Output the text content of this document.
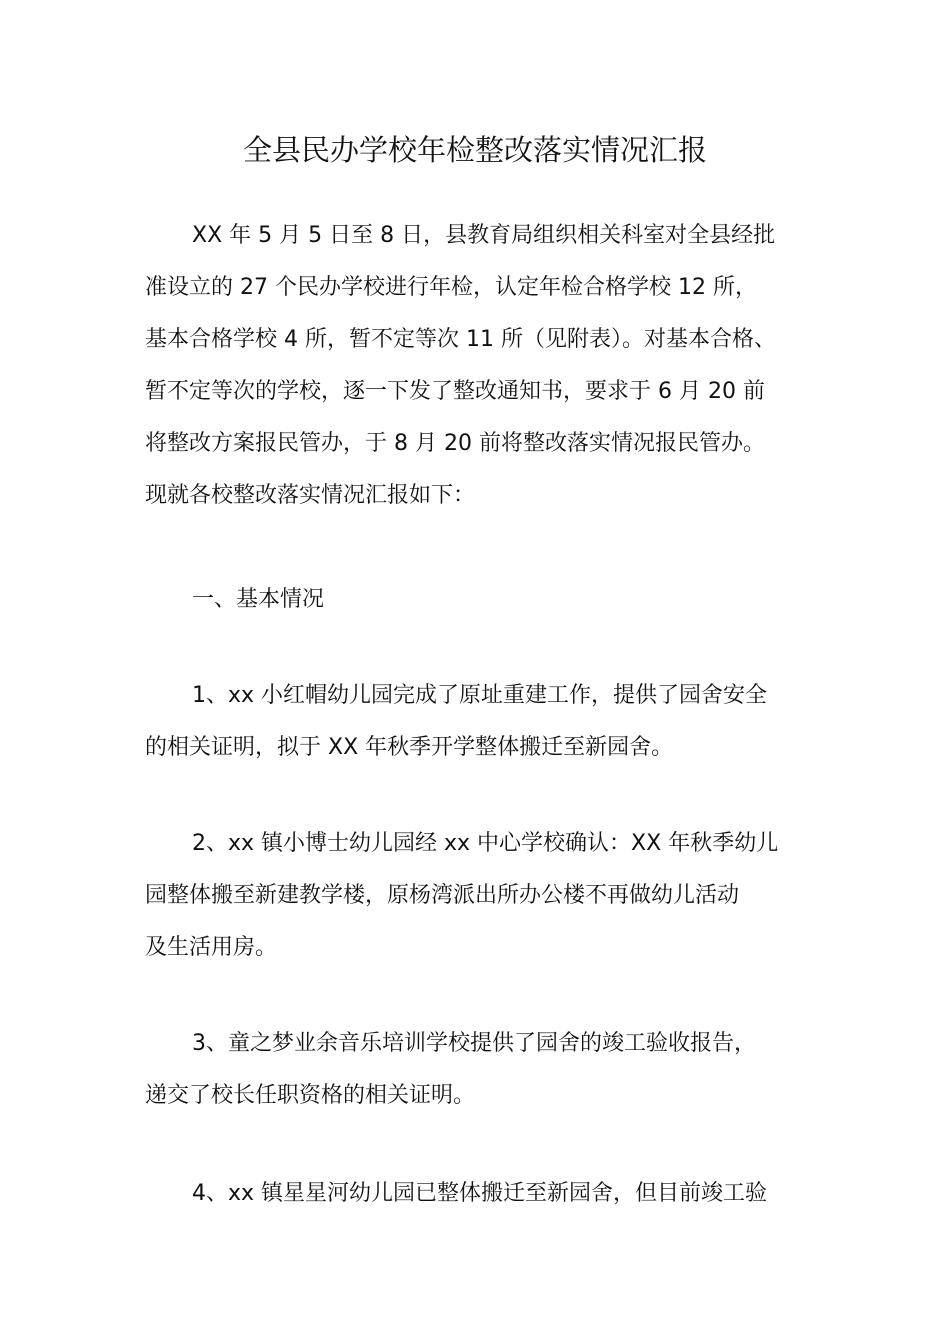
全县民办学校年检整改落实情况汇报
XX 年 5 月 5 日至 8 日，县教育局组织相关科室对全县经批
准设立的 27 个民办学校进行年检，认定年检合格学校 12 所，
基本合格学校 4 所，暂不定等次 11 所（见附表）。对基本合格、
暂不定等次的学校，逐一下发了整改通知书，要求于 6 月 20 前
将整改方案报民管办，于 8 月 20 前将整改落实情况报民管办。
现就各校整改落实情况汇报如下：
一、基本情况
1、xx 小红帽幼儿园完成了原址重建工作，提供了园舍安全
的相关证明，拟于 XX 年秋季开学整体搬迁至新园舍。
2、xx 镇小博士幼儿园经 xx 中心学校确认：XX 年秋季幼儿
园整体搬至新建教学楼，原杨湾派出所办公楼不再做幼儿活动
及生活用房。
3、童之梦业余音乐培训学校提供了园舍的竣工验收报告，
递交了校长任职资格的相关证明。
4、xx 镇星星河幼儿园已整体搬迁至新园舍，但目前竣工验
